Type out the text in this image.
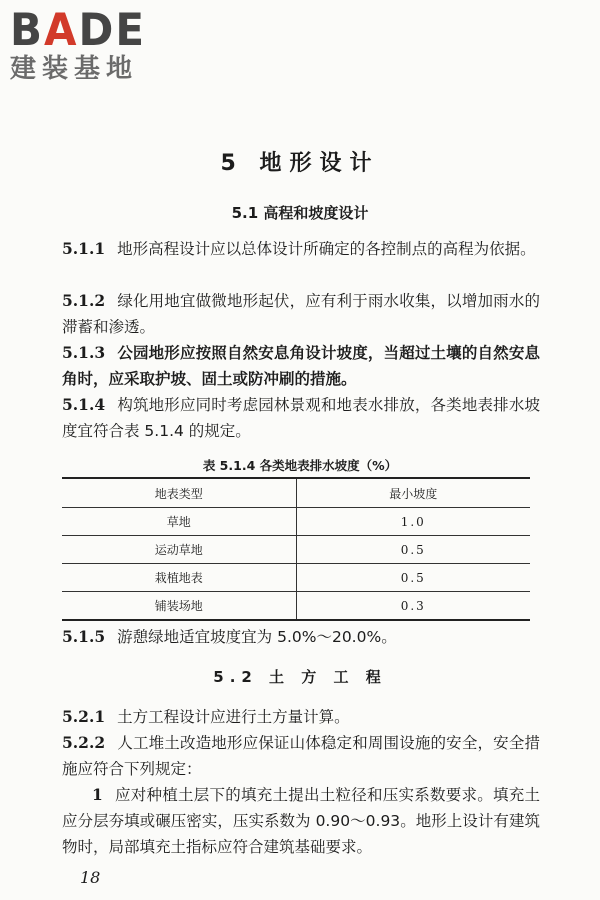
BADE
建装基地
5 地形设计
5.1 高程和坡度设计
5.1.1 地形高程设计应以总体设计所确定的各控制点的高程为依据。
5.1.2 绿化用地宜做微地形起伏，应有利于雨水收集，以增加雨水的滞蓄和渗透。
5.1.3 公园地形应按照自然安息角设计坡度，当超过土壤的自然安息角时，应采取护坡、固土或防冲刷的措施。
5.1.4 构筑地形应同时考虑园林景观和地表水排放，各类地表排水坡度宜符合表 5.1.4 的规定。
表 5.1.4 各类地表排水坡度（%）
地表类型	最小坡度
草地	1.0
运动草地	0.5
栽植地表	0.5
铺装场地	0.3
5.1.5 游憩绿地适宜坡度宜为 5.0%～20.0%。
5.2 土 方 工 程
5.2.1 土方工程设计应进行土方量计算。
5.2.2 人工堆土改造地形应保证山体稳定和周围设施的安全，安全措施应符合下列规定：
1 应对种植土层下的填充土提出土粒径和压实系数要求。填充土应分层夯填或碾压密实，压实系数为 0.90～0.93。地形上设计有建筑物时，局部填充土指标应符合建筑基础要求。
18
